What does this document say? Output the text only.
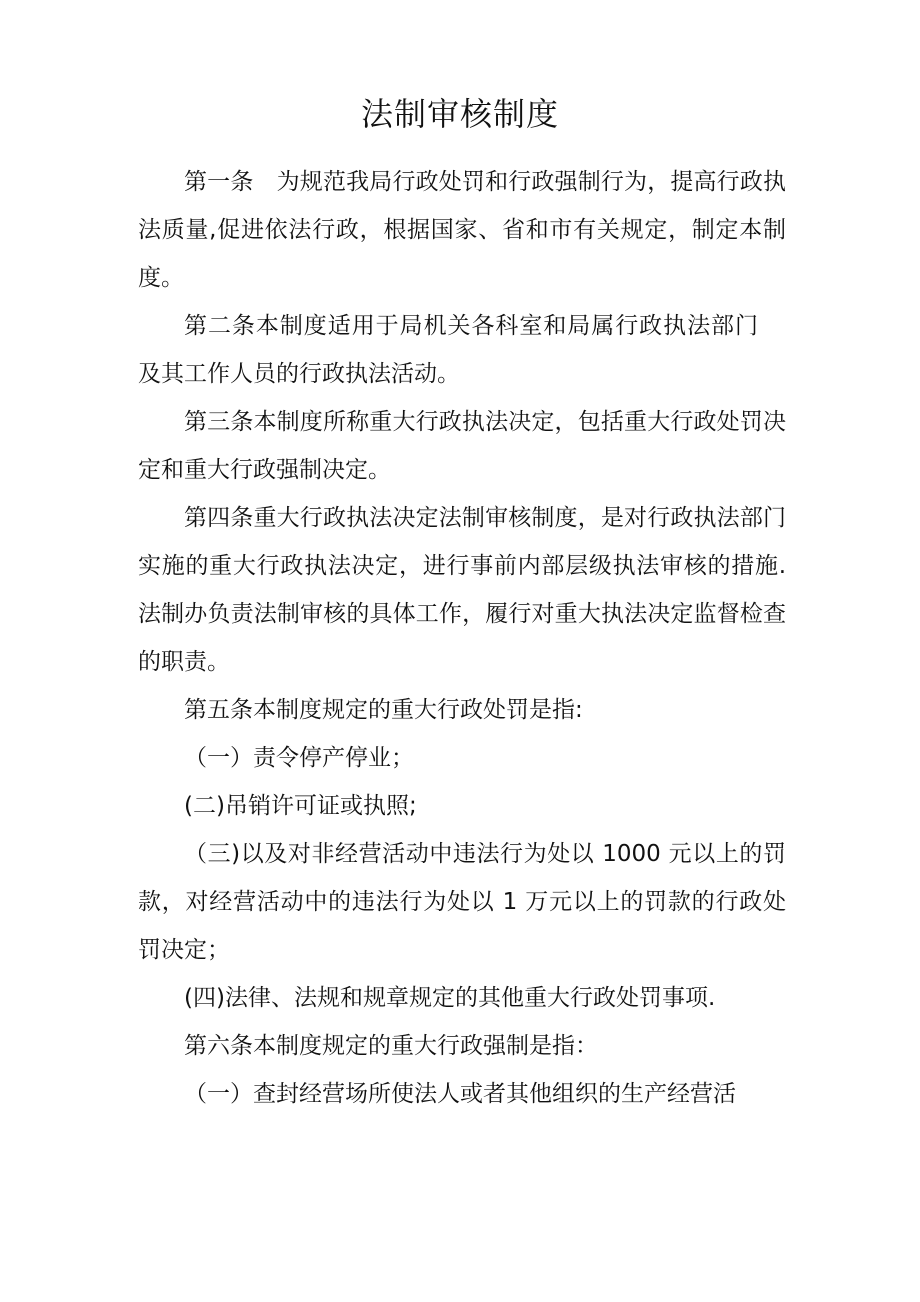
法制审核制度

第一条　为规范我局行政处罚和行政强制行为，提高行政执法质量,促进依法行政，根据国家、省和市有关规定，制定本制度。

第二条本制度适用于局机关各科室和局属行政执法部门及其工作人员的行政执法活动。

第三条本制度所称重大行政执法决定，包括重大行政处罚决定和重大行政强制决定。

第四条重大行政执法决定法制审核制度，是对行政执法部门实施的重大行政执法决定，进行事前内部层级执法审核的措施.法制办负责法制审核的具体工作，履行对重大执法决定监督检查的职责。

第五条本制度规定的重大行政处罚是指:

（一）责令停产停业；

(二)吊销许可证或执照;

（三)以及对非经营活动中违法行为处以 1000 元以上的罚款，对经营活动中的违法行为处以 1 万元以上的罚款的行政处罚决定；

(四)法律、法规和规章规定的其他重大行政处罚事项.

第六条本制度规定的重大行政强制是指：

（一）查封经营场所使法人或者其他组织的生产经营活
